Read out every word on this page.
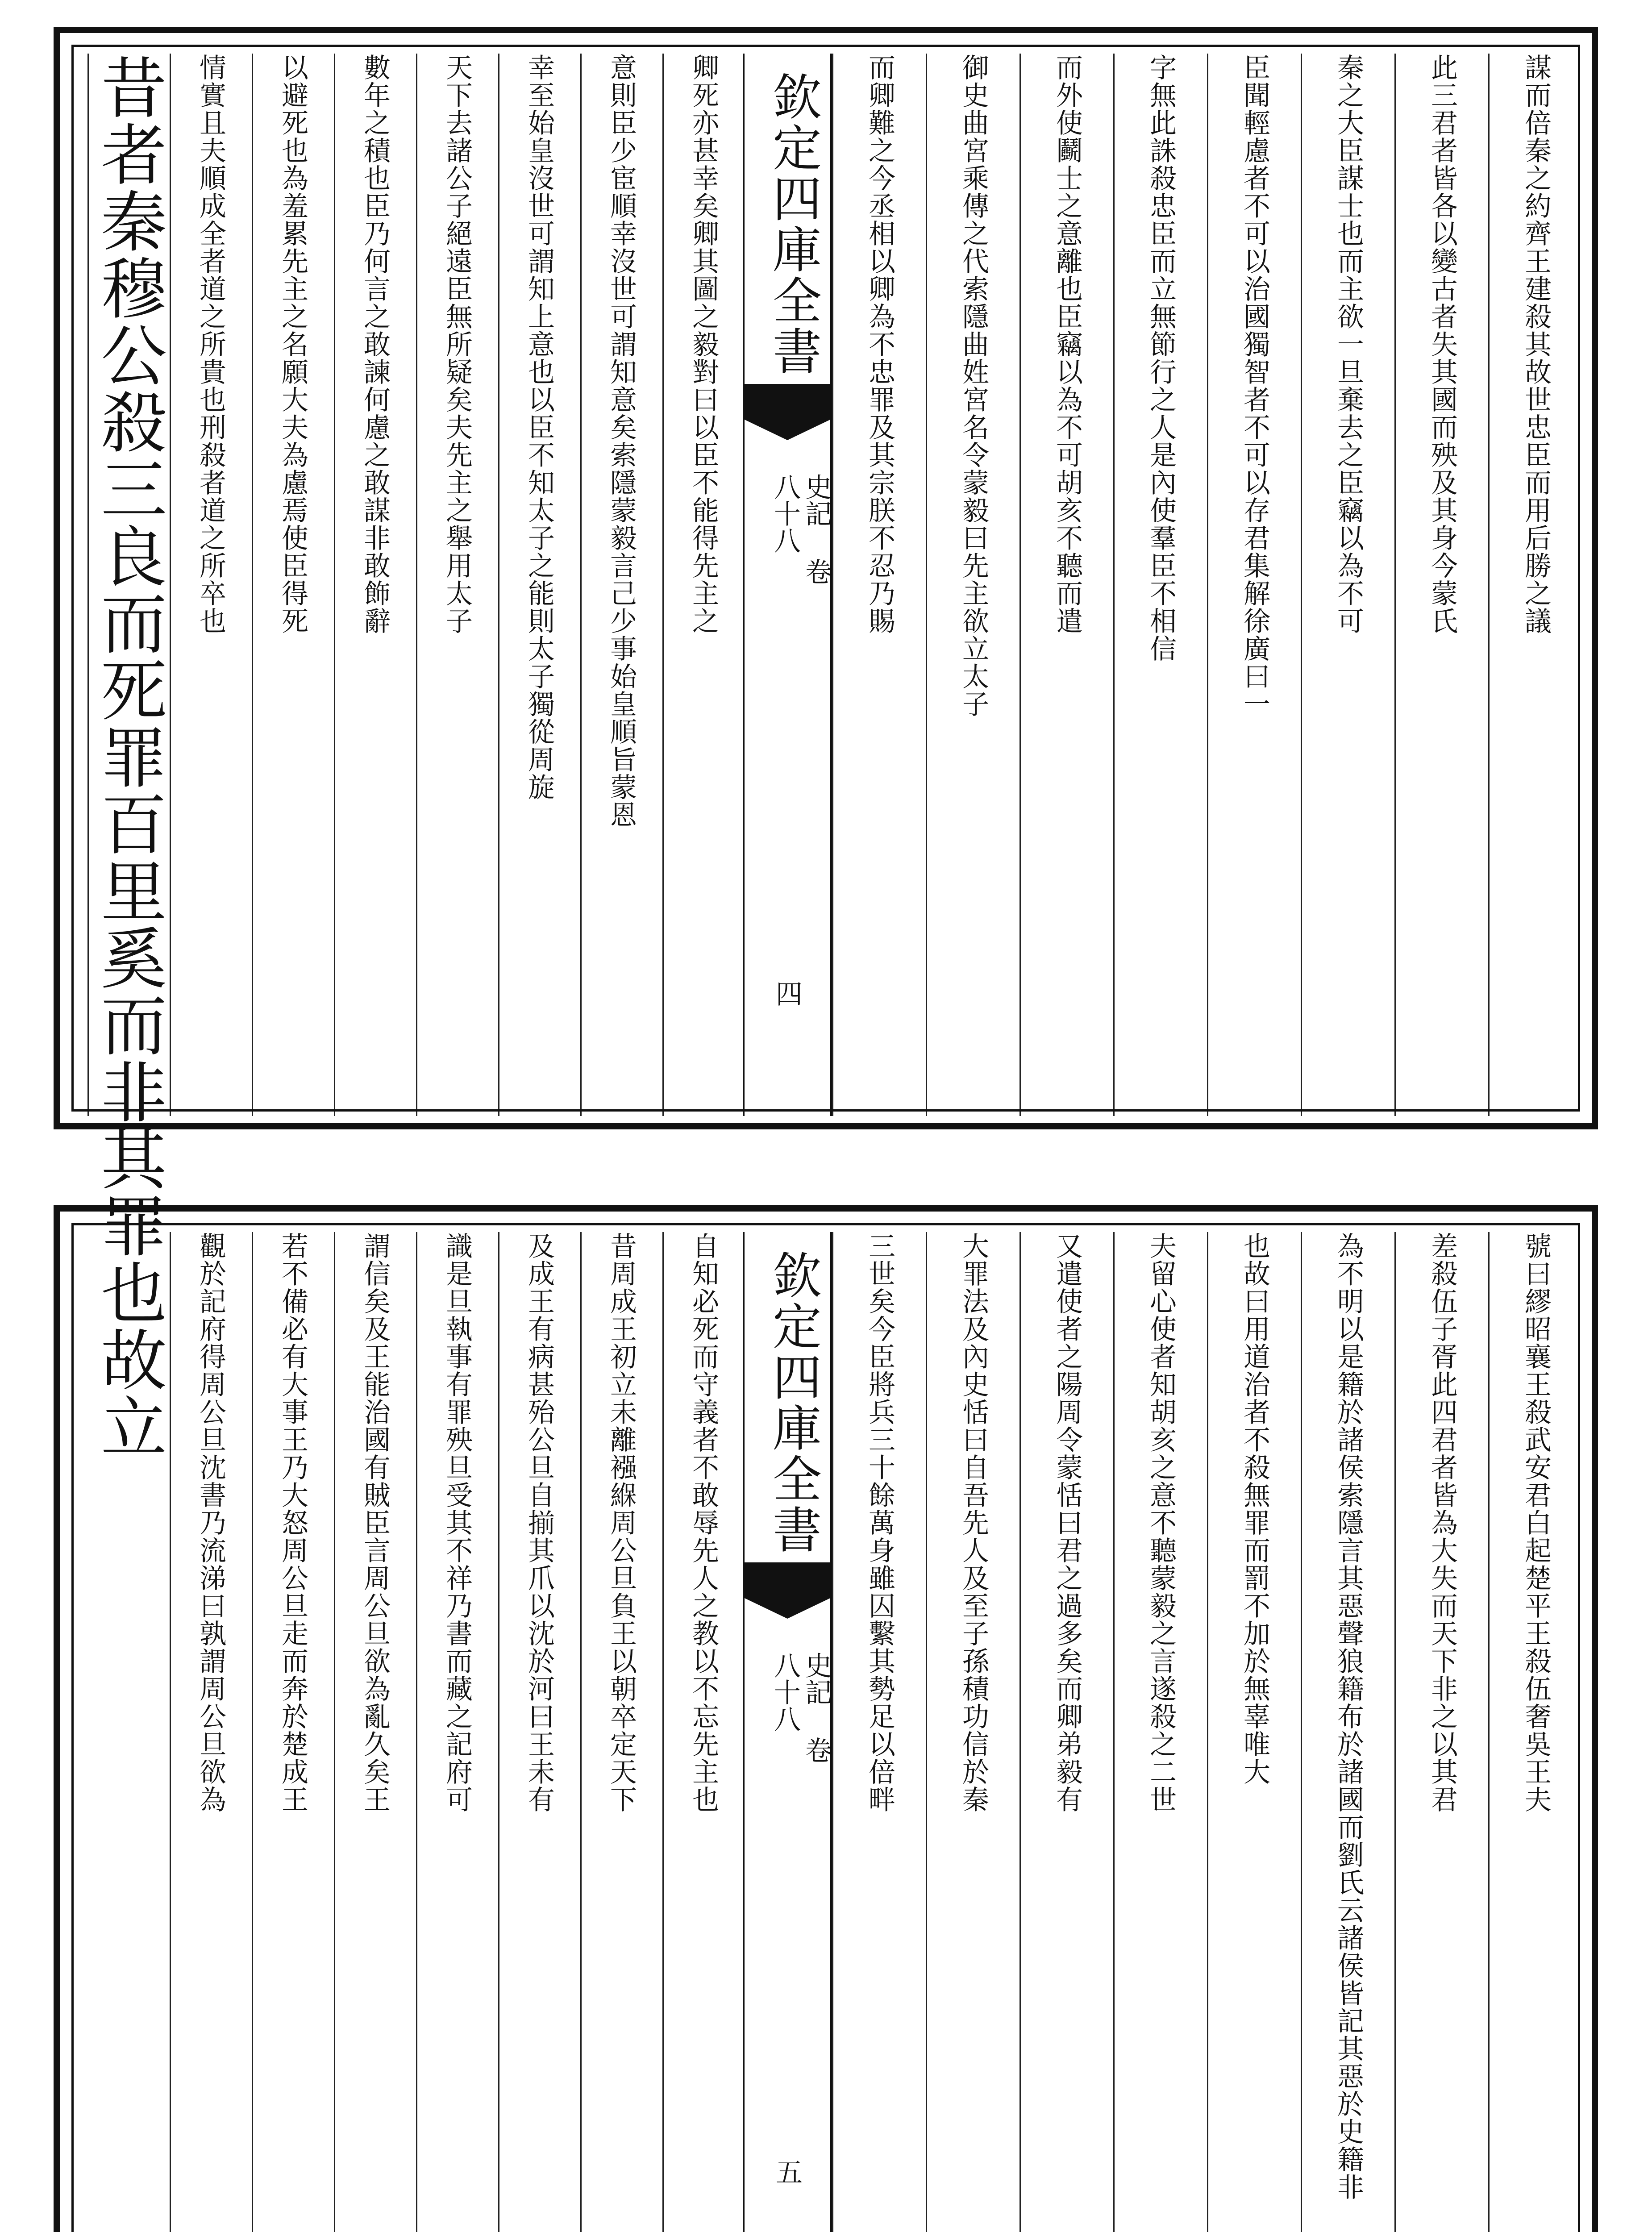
謀而倍秦之約齊王建殺其故世忠臣而用后勝之議
此三君者皆各以變古者失其國而殃及其身今蒙氏
秦之大臣謀士也而主欲一旦棄去之臣竊以為不可
臣聞輕慮者不可以治國獨智者不可以存君集解徐廣曰一
字無此誅殺忠臣而立無節行之人是內使羣臣不相信
而外使鬬士之意離也臣竊以為不可胡亥不聽而遣
御史曲宮乘傳之代索隱曲姓宮名令蒙毅曰先主欲立太子
而卿難之今丞相以卿為不忠罪及其宗朕不忍乃賜
欽定四庫全書
史記 卷八十八
四
卿死亦甚幸矣卿其圖之毅對曰以臣不能得先主之
意則臣少宦順幸沒世可謂知意矣索隱蒙毅言己少事始皇順旨蒙恩
幸至始皇沒世可謂知上意也以臣不知太子之能則太子獨從周旋
天下去諸公子絕遠臣無所疑矣夫先主之舉用太子
數年之積也臣乃何言之敢諫何慮之敢謀非敢飾辭
以避死也為羞累先主之名願大夫為慮焉使臣得死
情實且夫順成全者道之所貴也刑殺者道之所卒也
昔者秦穆公殺三良而死罪百里奚而非其罪也故立
號曰繆昭襄王殺武安君白起楚平王殺伍奢吳王夫
差殺伍子胥此四君者皆為大失而天下非之以其君
為不明以是籍於諸侯索隱言其惡聲狼籍布於諸國而劉氏云諸侯皆記其惡於史籍非
也故曰用道治者不殺無罪而罰不加於無辜唯大
夫留心使者知胡亥之意不聽蒙毅之言遂殺之二世
又遣使者之陽周令蒙恬曰君之過多矣而卿弟毅有
大罪法及內史恬曰自吾先人及至子孫積功信於秦
三世矣今臣將兵三十餘萬身雖囚繫其勢足以倍畔
欽定四庫全書
史記 卷八十八
五
自知必死而守義者不敢辱先人之教以不忘先主也
昔周成王初立未離襁緥周公旦負王以朝卒定天下
及成王有病甚殆公旦自揃其爪以沈於河曰王未有
識是旦執事有罪殃旦受其不祥乃書而藏之記府可
謂信矣及王能治國有賊臣言周公旦欲為亂久矣王
若不備必有大事王乃大怒周公旦走而奔於楚成王
觀於記府得周公旦沈書乃流涕曰孰謂周公旦欲為
